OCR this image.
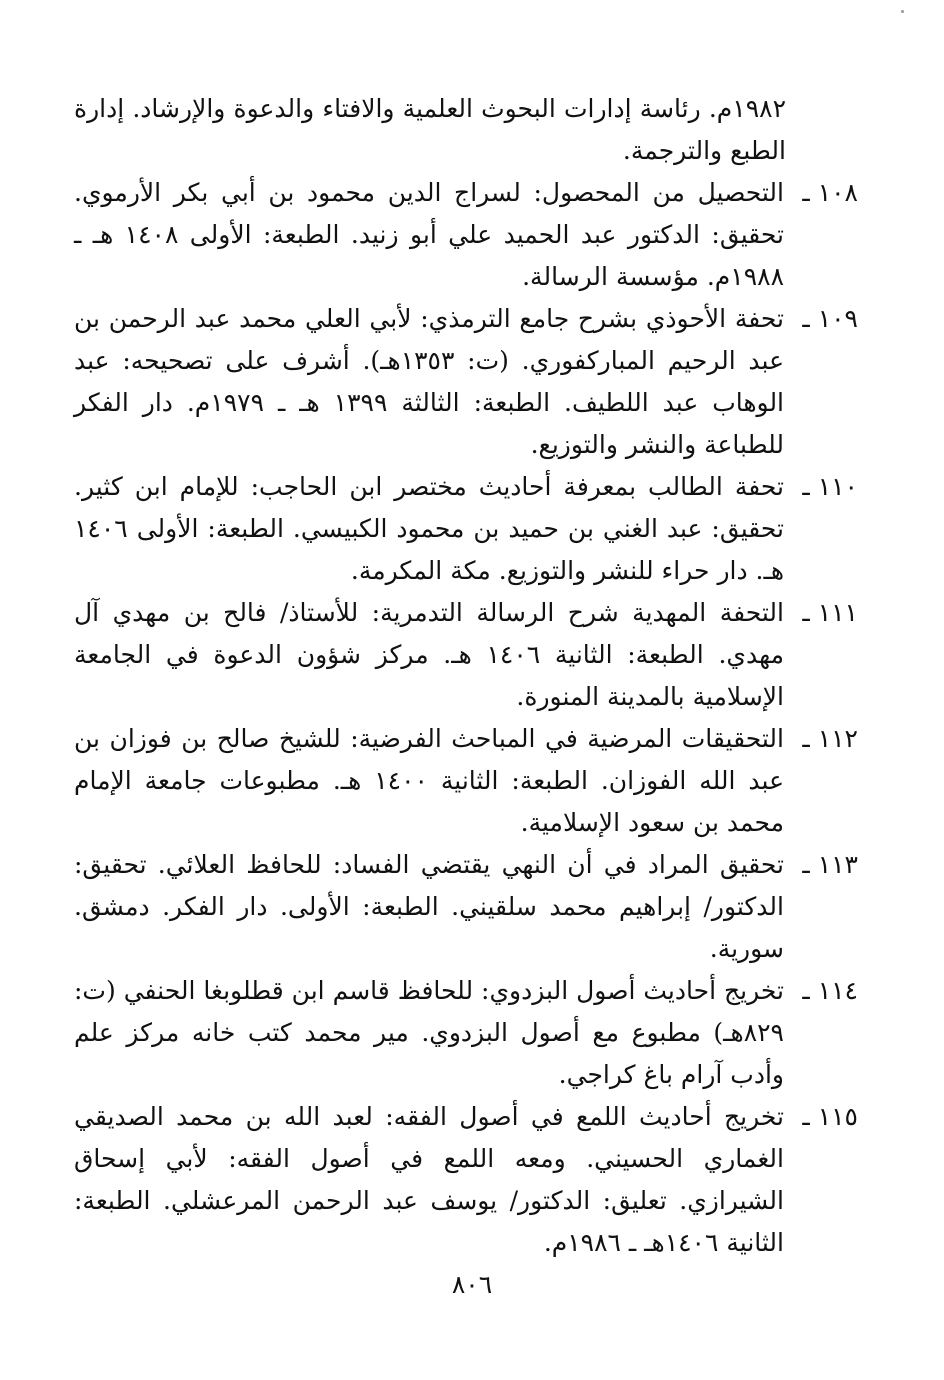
١٩٨٢م. رئاسة إدارات البحوث العلمية والافتاء والدعوة والإرشاد. إدارة الطبع والترجمة.
١٠٨ ـ
التحصيل من المحصول: لسراج الدين محمود بن أبي بكر الأرموي. تحقيق: الدكتور عبد الحميد علي أبو زنيد. الطبعة: الأولى ١٤٠٨ هـ ـ ١٩٨٨م. مؤسسة الرسالة.
١٠٩ ـ
تحفة الأحوذي بشرح جامع الترمذي: لأبي العلي محمد عبد الرحمن بن عبد الرحيم المباركفوري. (ت: ١٣٥٣هـ). أشرف على تصحيحه: عبد الوهاب عبد اللطيف. الطبعة: الثالثة ١٣٩٩ هـ ـ ١٩٧٩م. دار الفكر للطباعة والنشر والتوزيع.
١١٠ ـ
تحفة الطالب بمعرفة أحاديث مختصر ابن الحاجب: للإمام ابن كثير. تحقيق: عبد الغني بن حميد بن محمود الكبيسي. الطبعة: الأولى ١٤٠٦ هـ. دار حراء للنشر والتوزيع. مكة المكرمة.
١١١ ـ
التحفة المهدية شرح الرسالة التدمرية: للأستاذ/ فالح بن مهدي آل مهدي. الطبعة: الثانية ١٤٠٦ هـ. مركز شؤون الدعوة في الجامعة الإسلامية بالمدينة المنورة.
١١٢ ـ
التحقيقات المرضية في المباحث الفرضية: للشيخ صالح بن فوزان بن عبد الله الفوزان. الطبعة: الثانية ١٤٠٠ هـ. مطبوعات جامعة الإمام محمد بن سعود الإسلامية.
١١٣ ـ
تحقيق المراد في أن النهي يقتضي الفساد: للحافظ العلائي. تحقيق: الدكتور/ إبراهيم محمد سلقيني. الطبعة: الأولى. دار الفكر. دمشق. سورية.
١١٤ ـ
تخريج أحاديث أصول البزدوي: للحافظ قاسم ابن قطلوبغا الحنفي (ت: ٨٢٩هـ) مطبوع مع أصول البزدوي. مير محمد كتب خانه مركز علم وأدب آرام باغ كراجي.
١١٥ ـ
تخريج أحاديث اللمع في أصول الفقه: لعبد الله بن محمد الصديقي الغماري الحسيني. ومعه اللمع في أصول الفقه: لأبي إسحاق الشيرازي. تعليق: الدكتور/ يوسف عبد الرحمن المرعشلي. الطبعة: الثانية ١٤٠٦هـ ـ ١٩٨٦م.
٨٠٦
